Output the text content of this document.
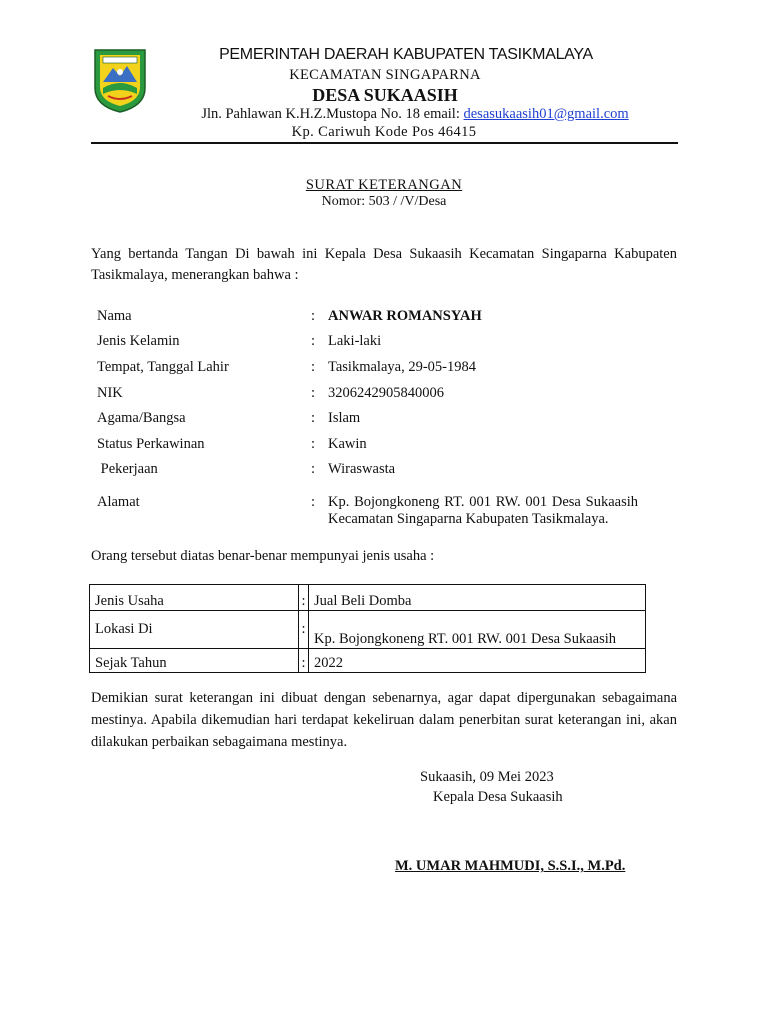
PEMERINTAH DAERAH KABUPATEN TASIKMALAYA
KECAMATAN SINGAPARNA
DESA SUKAASIH
Jln. Pahlawan K.H.Z.Mustopa No. 18 email: desasukaasih01@gmail.com
Kp. Cariwuh Kode Pos 46415
SURAT KETERANGAN
Nomor: 503 / /V/Desa
Yang bertanda Tangan Di bawah ini Kepala Desa Sukaasih Kecamatan Singaparna Kabupaten Tasikmalaya, menerangkan bahwa :
Nama	: ANWAR ROMANSYAH
Jenis Kelamin	: Laki-laki
Tempat, Tanggal Lahir	: Tasikmalaya, 29-05-1984
NIK	: 3206242905840006
Agama/Bangsa	: Islam
Status Perkawinan	: Kawin
Pekerjaan	: Wiraswasta
Alamat	: Kp. Bojongkoneng RT. 001 RW. 001 Desa Sukaasih Kecamatan Singaparna Kabupaten Tasikmalaya.
Orang tersebut diatas benar-benar mempunyai jenis usaha :
Jenis Usaha	:	Jual Beli Domba
Lokasi Di	:	Kp. Bojongkoneng RT. 001 RW. 001 Desa Sukaasih

Sejak Tahun	:	2022
Demikian surat keterangan ini dibuat dengan sebenarnya, agar dapat dipergunakan sebagaimana mestinya. Apabila dikemudian hari terdapat kekeliruan dalam penerbitan surat keterangan ini, akan dilakukan perbaikan sebagaimana mestinya.
Sukaasih, 09 Mei 2023
Kepala Desa Sukaasih
M. UMAR MAHMUDI, S.S.I., M.Pd.
